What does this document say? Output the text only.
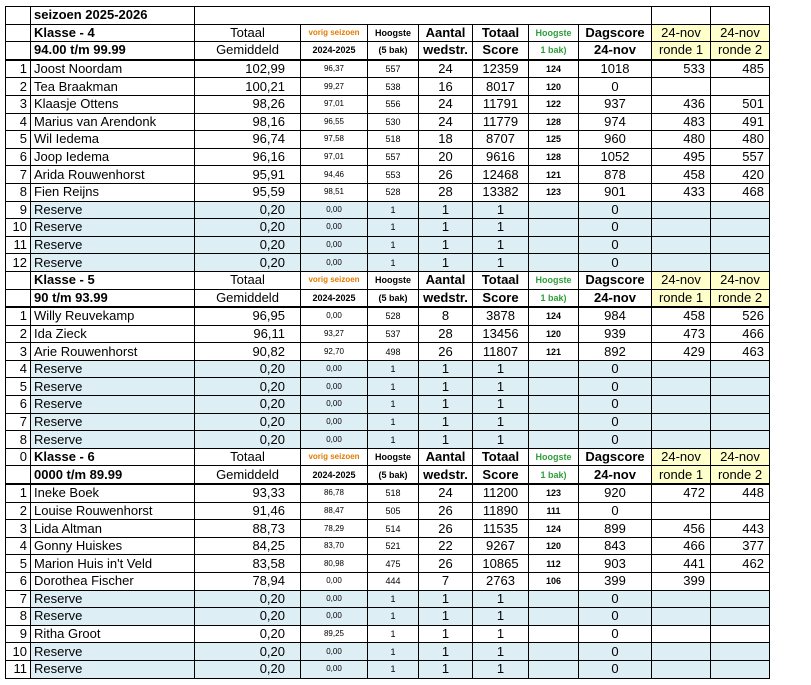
	seizoen 2025-2026									
	Klasse - 4	Totaal	vorig seizoen	Hoogste	Aantal	Totaal	Hoogste	Dagscore	24-nov	24-nov
	94.00 t/m 99.99	Gemiddeld	2024-2025	(5 bak)	wedstr.	Score	1 bak)	24-nov	ronde 1	ronde 2
1	Joost Noordam	102,99	96,37	557	24	12359	124	1018	533	485
2	Tea Braakman	100,21	99,27	538	16	8017	120	0		
3	Klaasje Ottens	98,26	97,01	556	24	11791	122	937	436	501
4	Marius van Arendonk	98,16	96,55	530	24	11779	128	974	483	491
5	Wil Iedema	96,74	97,58	518	18	8707	125	960	480	480
6	Joop Iedema	96,16	97,01	557	20	9616	128	1052	495	557
7	Arida Rouwenhorst	95,91	94,46	553	26	12468	121	878	458	420
8	Fien Reijns	95,59	98,51	528	28	13382	123	901	433	468
9	Reserve	0,20	0,00	1	1	1		0		
10	Reserve	0,20	0,00	1	1	1		0		
11	Reserve	0,20	0,00	1	1	1		0		
12	Reserve	0,20	0,00	1	1	1		0		
	Klasse - 5	Totaal	vorig seizoen	Hoogste	Aantal	Totaal	Hoogste	Dagscore	24-nov	24-nov
	90 t/m 93.99	Gemiddeld	2024-2025	(5 bak)	wedstr.	Score	1 bak)	24-nov	ronde 1	ronde 2
1	Willy Reuvekamp	96,95	0,00	528	8	3878	124	984	458	526
2	Ida Zieck	96,11	93,27	537	28	13456	120	939	473	466
3	Arie Rouwenhorst	90,82	92,70	498	26	11807	121	892	429	463
4	Reserve	0,20	0,00	1	1	1		0		
5	Reserve	0,20	0,00	1	1	1		0		
6	Reserve	0,20	0,00	1	1	1		0		
7	Reserve	0,20	0,00	1	1	1		0		
8	Reserve	0,20	0,00	1	1	1		0		
0	Klasse - 6	Totaal	vorig seizoen	Hoogste	Aantal	Totaal	Hoogste	Dagscore	24-nov	24-nov
	0000 t/m 89.99	Gemiddeld	2024-2025	(5 bak)	wedstr.	Score	1 bak)	24-nov	ronde 1	ronde 2
1	Ineke Boek	93,33	86,78	518	24	11200	123	920	472	448
2	Louise Rouwenhorst	91,46	88,47	505	26	11890	111	0		
3	Lida Altman	88,73	78,29	514	26	11535	124	899	456	443
4	Gonny Huiskes	84,25	83,70	521	22	9267	120	843	466	377
5	Marion Huis in't Veld	83,58	80,98	475	26	10865	112	903	441	462
6	Dorothea Fischer	78,94	0,00	444	7	2763	106	399	399	
7	Reserve	0,20	0,00	1	1	1		0		
8	Reserve	0,20	0,00	1	1	1		0		
9	Ritha Groot	0,20	89,25	1	1	1		0		
10	Reserve	0,20	0,00	1	1	1		0		
11	Reserve	0,20	0,00	1	1	1		0		
